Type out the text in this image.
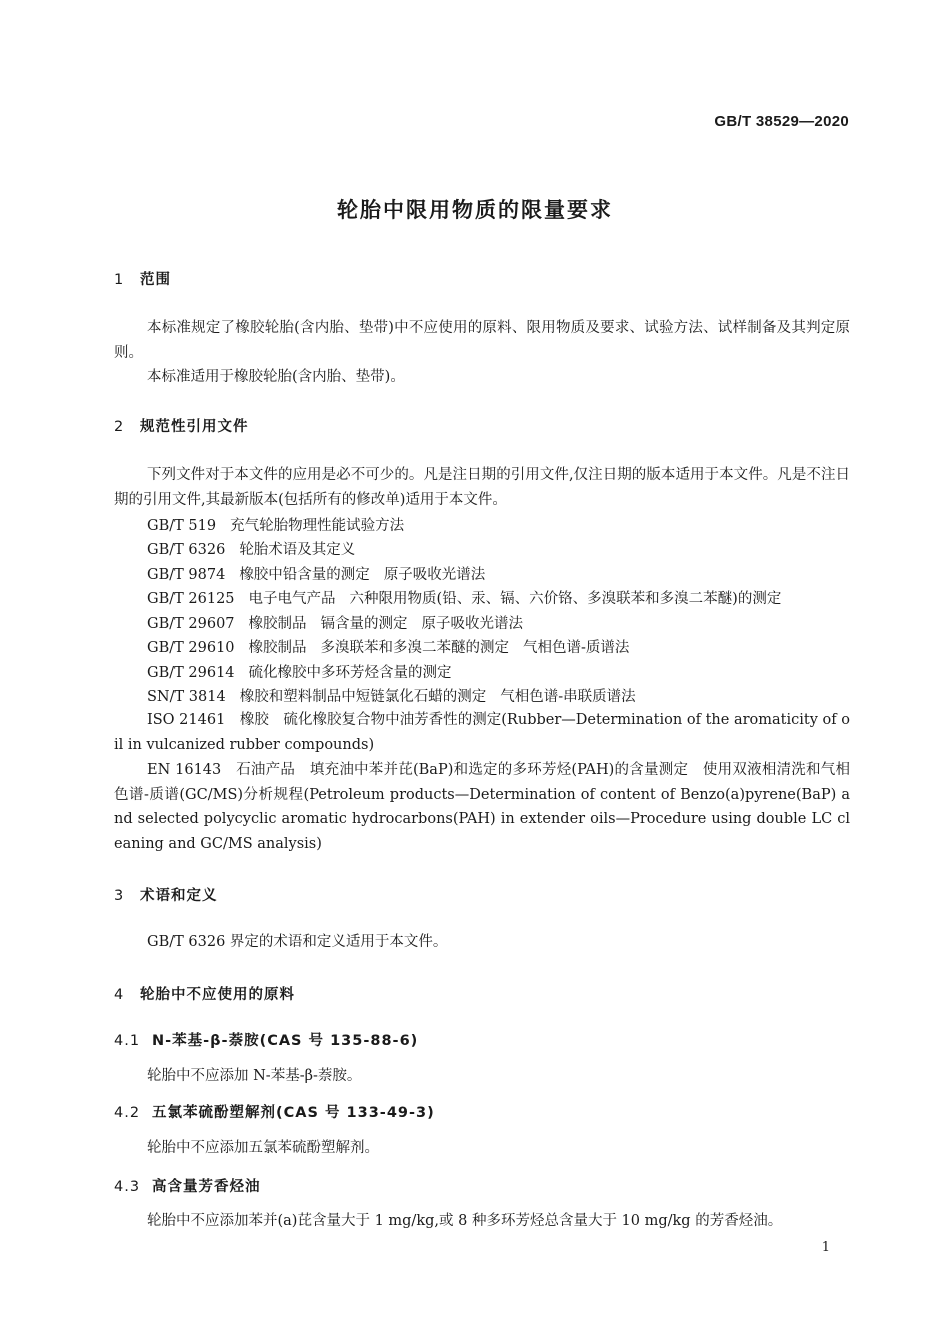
GB/T 38529—2020
轮胎中限用物质的限量要求
1 范围
本标准规定了橡胶轮胎(含内胎、垫带)中不应使用的原料、限用物质及要求、试验方法、试样制备及其判定原则。
本标准适用于橡胶轮胎(含内胎、垫带)。
2 规范性引用文件
下列文件对于本文件的应用是必不可少的。凡是注日期的引用文件,仅注日期的版本适用于本文件。凡是不注日期的引用文件,其最新版本(包括所有的修改单)适用于本文件。
GB/T 519 充气轮胎物理性能试验方法
GB/T 6326 轮胎术语及其定义
GB/T 9874 橡胶中铅含量的测定 原子吸收光谱法
GB/T 26125 电子电气产品 六种限用物质(铅、汞、镉、六价铬、多溴联苯和多溴二苯醚)的测定
GB/T 29607 橡胶制品 镉含量的测定 原子吸收光谱法
GB/T 29610 橡胶制品 多溴联苯和多溴二苯醚的测定 气相色谱-质谱法
GB/T 29614 硫化橡胶中多环芳烃含量的测定
SN/T 3814 橡胶和塑料制品中短链氯化石蜡的测定 气相色谱-串联质谱法
ISO 21461　橡胶　硫化橡胶复合物中油芳香性的测定(Rubber—Determination of the aromaticity of oil in vulcanized rubber compounds)
EN 16143　石油产品　填充油中苯并芘(BaP)和选定的多环芳烃(PAH)的含量测定　使用双液相清洗和气相色谱-质谱(GC/MS)分析规程(Petroleum products—Determination of content of Benzo(a)pyrene(BaP) and selected polycyclic aromatic hydrocarbons(PAH) in extender oils—Procedure using double LC cleaning and GC/MS analysis)
3 术语和定义
GB/T 6326 界定的术语和定义适用于本文件。
4 轮胎中不应使用的原料
4.1 N-苯基-β-萘胺(CAS 号 135-88-6)
轮胎中不应添加 N-苯基-β-萘胺。
4.2 五氯苯硫酚塑解剂(CAS 号 133-49-3)
轮胎中不应添加五氯苯硫酚塑解剂。
4.3 高含量芳香烃油
轮胎中不应添加苯并(a)芘含量大于 1 mg/kg,或 8 种多环芳烃总含量大于 10 mg/kg 的芳香烃油。
1
